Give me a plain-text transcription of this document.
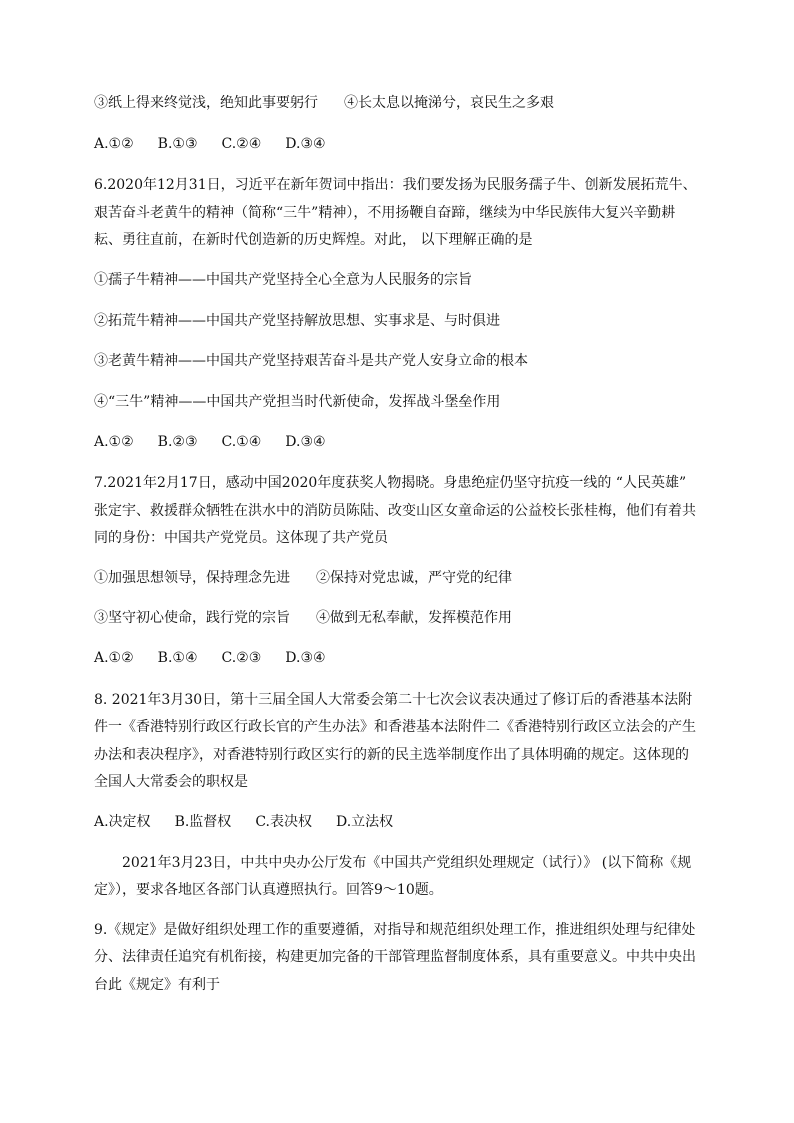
③纸上得来终觉浅，绝知此事要躬行 ④长太息以掩涕兮，哀民生之多艰
A.①② B.①③ C.②④ D.③④
6.2020年12月31日，习近平在新年贺词中指出：我们要发扬为民服务孺子牛、创新发展拓荒牛、
艰苦奋斗老黄牛的精神（简称“三牛”精神），不用扬鞭自奋蹄，继续为中华民族伟大复兴辛勤耕
耘、勇往直前，在新时代创造新的历史辉煌。对此， 以下理解正确的是
①孺子牛精神——中国共产党坚持全心全意为人民服务的宗旨
②拓荒牛精神——中国共产党坚持解放思想、实事求是、与时俱进
③老黄牛精神——中国共产党坚持艰苦奋斗是共产党人安身立命的根本
④“三牛”精神——中国共产党担当时代新使命，发挥战斗堡垒作用
A.①② B.②③ C.①④ D.③④
7.2021年2月17日，感动中国2020年度获奖人物揭晓。身患绝症仍坚守抗疫一线的 “人民英雄”
张定宇、救援群众牺牲在洪水中的消防员陈陆、改变山区女童命运的公益校长张桂梅，他们有着共
同的身份：中国共产党党员。这体现了共产党员
①加强思想领导，保持理念先进 ②保持对党忠诚，严守党的纪律
③坚守初心使命，践行党的宗旨 ④做到无私奉献，发挥模范作用
A.①② B.①④ C.②③ D.③④
8. 2021年3月30日，第十三届全国人大常委会第二十七次会议表决通过了修订后的香港基本法附
件一《香港特别行政区行政长官的产生办法》和香港基本法附件二《香港特别行政区立法会的产生
办法和表决程序》，对香港特别行政区实行的新的民主选举制度作出了具体明确的规定。这体现的
全国人大常委会的职权是
A.决定权 B.监督权 C.表决权 D.立法权
2021年3月23日，中共中央办公厅发布《中国共产党组织处理规定（试行）》 (以下简称《规
定》），要求各地区各部门认真遵照执行。回答9～10题。
9.《规定》是做好组织处理工作的重要遵循，对指导和规范组织处理工作，推进组织处理与纪律处
分、法律责任追究有机衔接，构建更加完备的干部管理监督制度体系，具有重要意义。中共中央出
台此《规定》有利于
